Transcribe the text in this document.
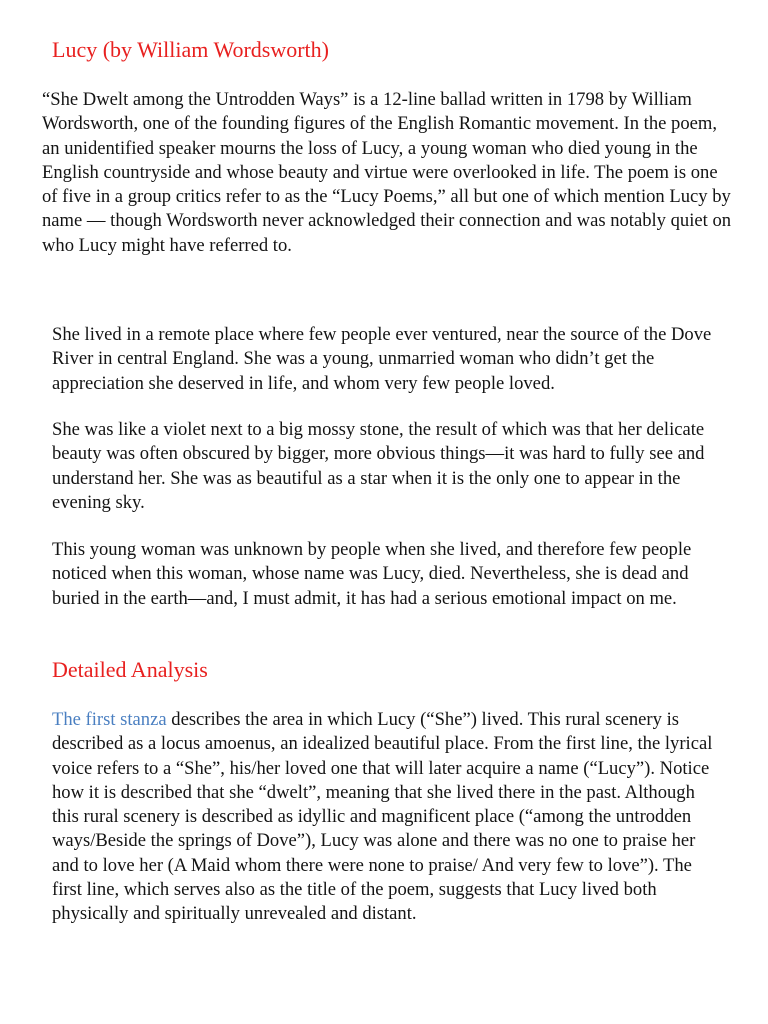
Lucy (by William Wordsworth)

“She Dwelt among the Untrodden Ways” is a 12-line ballad written in 1798 by William Wordsworth, one of the founding figures of the English Romantic movement. In the poem, an unidentified speaker mourns the loss of Lucy, a young woman who died young in the English countryside and whose beauty and virtue were overlooked in life. The poem is one of five in a group critics refer to as the “Lucy Poems,” all but one of which mention Lucy by name — though Wordsworth never acknowledged their connection and was notably quiet on who Lucy might have referred to.

She lived in a remote place where few people ever ventured, near the source of the Dove River in central England. She was a young, unmarried woman who didn’t get the appreciation she deserved in life, and whom very few people loved.

She was like a violet next to a big mossy stone, the result of which was that her delicate beauty was often obscured by bigger, more obvious things—it was hard to fully see and understand her. She was as beautiful as a star when it is the only one to appear in the evening sky.

This young woman was unknown by people when she lived, and therefore few people noticed when this woman, whose name was Lucy, died. Nevertheless, she is dead and buried in the earth—and, I must admit, it has had a serious emotional impact on me.

Detailed Analysis

The first stanza describes the area in which Lucy (“She”) lived. This rural scenery is described as a locus amoenus, an idealized beautiful place. From the first line, the lyrical voice refers to a “She”, his/her loved one that will later acquire a name (“Lucy”). Notice how it is described that she “dwelt”, meaning that she lived there in the past. Although this rural scenery is described as idyllic and magnificent place (“among the untrodden ways/Beside the springs of Dove”), Lucy was alone and there was no one to praise her and to love her (A Maid whom there were none to praise/ And very few to love”). The first line, which serves also as the title of the poem, suggests that Lucy lived both physically and spiritually unrevealed and distant.
